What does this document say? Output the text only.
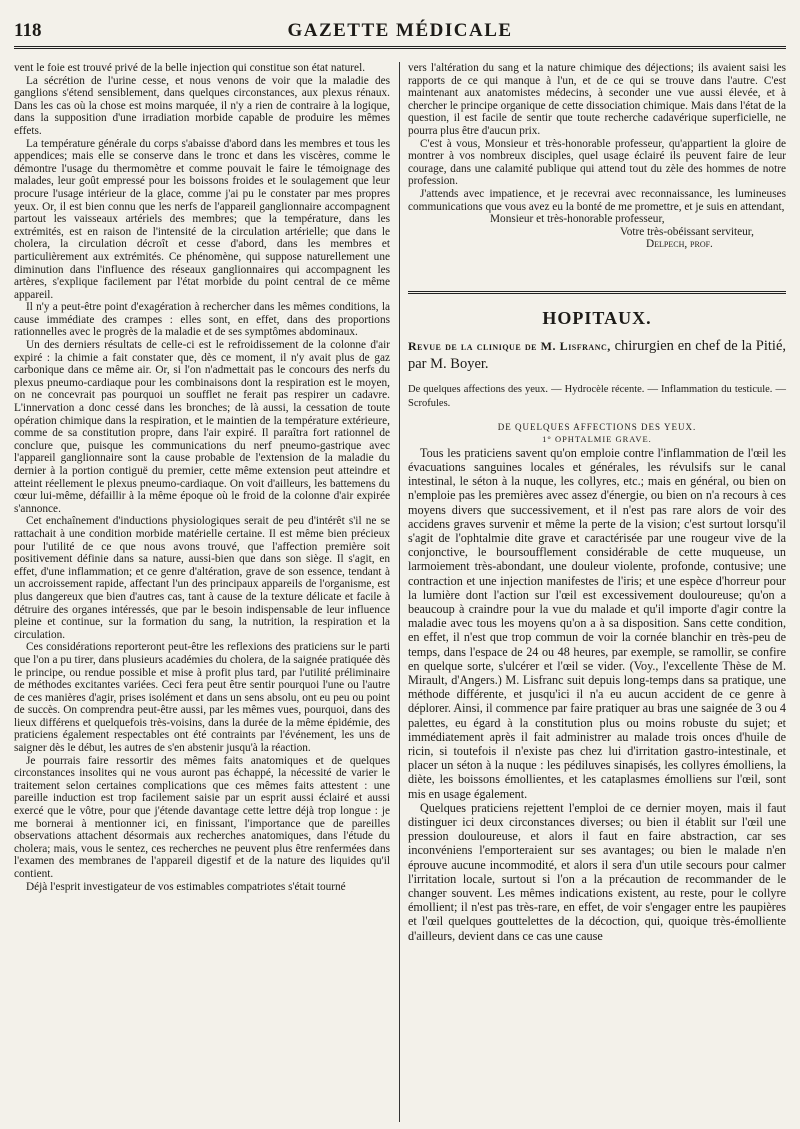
118	GAZETTE MÉDICALE

vent le foie est trouvé privé de la belle injection qui constitue son état naturel.

La sécrétion de l'urine cesse, et nous venons de voir que la maladie des ganglions s'étend sensiblement, dans quelques circonstances, aux plexus rénaux. Dans les cas où la chose est moins marquée, il n'y a rien de contraire à la logique, dans la supposition d'une irradiation morbide capable de produire les mêmes effets.

La température générale du corps s'abaisse d'abord dans les membres et tous les appendices; mais elle se conserve dans le tronc et dans les viscères, comme le démontre l'usage du thermomètre et comme pouvait le faire le témoignage des malades, leur goût empressé pour les boissons froides et le soulagement que leur procure l'usage intérieur de la glace, comme j'ai pu le constater par mes propres yeux. Or, il est bien connu que les nerfs de l'appareil ganglionnaire accompagnent partout les vaisseaux artériels des membres; que la température, dans les extrémités, est en raison de l'intensité de la circulation artérielle; que dans le cholera, la circulation décroît et cesse d'abord, dans les membres et particulièrement aux extrémités. Ce phénomène, qui suppose naturellement une diminution dans l'influence des réseaux ganglionnaires qui accompagnent les artères, s'explique facilement par l'état morbide du point central de ce même appareil.

Il n'y a peut-être point d'exagération à rechercher dans les mêmes conditions, la cause immédiate des crampes : elles sont, en effet, dans des proportions rationnelles avec le progrès de la maladie et de ses symptômes abdominaux.

Un des derniers résultats de celle-ci est le refroidissement de la colonne d'air expiré : la chimie a fait constater que, dès ce moment, il n'y avait plus de gaz carbonique dans ce même air. Or, si l'on n'admettait pas le concours des nerfs du plexus pneumo-cardiaque pour les combinaisons dont la respiration est le moyen, on ne concevrait pas pourquoi un soufflet ne ferait pas respirer un cadavre. L'innervation a donc cessé dans les bronches; de là aussi, la cessation de toute opération chimique dans la respiration, et le maintien de la température extérieure, comme de sa constitution propre, dans l'air expiré. Il paraîtra fort rationnel de conclure que, puisque les communications du nerf pneumo-gastrique avec l'appareil ganglionnaire sont la cause probable de l'extension de la maladie du dernier à la portion contiguë du premier, cette même extension peut atteindre et atteint réellement le plexus pneumo-cardiaque. On voit d'ailleurs, les battemens du cœur lui-même, défaillir à la même époque où le froid de la colonne d'air expirée s'annonce.

Cet enchaînement d'inductions physiologiques serait de peu d'intérêt s'il ne se rattachait à une condition morbide matérielle certaine. Il est même bien précieux pour l'utilité de ce que nous avons trouvé, que l'affection première soit positivement définie dans sa nature, aussi-bien que dans son siège. Il s'agit, en effet, d'une inflammation; et ce genre d'altération, grave de son essence, tendant à un accroissement rapide, affectant l'un des principaux appareils de l'organisme, est plus dangereux que bien d'autres cas, tant à cause de la texture délicate et facile à détruire des organes intéressés, que par le besoin indispensable de leur influence pleine et continue, sur la formation du sang, la nutrition, la respiration et la circulation.

Ces considérations reporteront peut-être les reflexions des praticiens sur le parti que l'on a pu tirer, dans plusieurs académies du cholera, de la saignée pratiquée dès le principe, ou rendue possible et mise à profit plus tard, par l'utilité préliminaire de méthodes excitantes variées. Ceci fera peut être sentir pourquoi l'une ou l'autre de ces manières d'agir, prises isolément et dans un sens absolu, ont eu peu ou point de succès. On comprendra peut-être aussi, par les mêmes vues, pourquoi, dans des lieux différens et quelquefois très-voisins, dans la durée de la même épidémie, des praticiens également respectables ont été contraints par l'événement, les uns de saigner dès le début, les autres de s'en abstenir jusqu'à la réaction.

Je pourrais faire ressortir des mêmes faits anatomiques et de quelques circonstances insolites qui ne vous auront pas échappé, la nécessité de varier le traitement selon certaines complications que ces mêmes faits attestent : une pareille induction est trop facilement saisie par un esprit aussi éclairé et aussi exercé que le vôtre, pour que j'étende davantage cette lettre déjà trop longue : je me bornerai à mentionner ici, en finissant, l'importance que de pareilles observations attachent désormais aux recherches anatomiques, dans l'étude du cholera; mais, vous le sentez, ces recherches ne peuvent plus être renfermées dans l'examen des membranes de l'appareil digestif et de la nature des liquides qu'il contient.

Déjà l'esprit investigateur de vos estimables compatriotes s'était tourné

vers l'altération du sang et la nature chimique des déjections; ils avaient saisi les rapports de ce qui manque à l'un, et de ce qui se trouve dans l'autre. C'est maintenant aux anatomistes médecins, à seconder une vue aussi élevée, et à chercher le principe organique de cette dissociation chimique. Mais dans l'état de la question, il est facile de sentir que toute recherche cadavérique superficielle, ne pourra plus être d'aucun prix.

C'est à vous, Monsieur et très-honorable professeur, qu'appartient la gloire de montrer à vos nombreux disciples, quel usage éclairé ils peuvent faire de leur courage, dans une calamité publique qui attend tout du zèle des hommes de notre profession.

J'attends avec impatience, et je recevrai avec reconnaissance, les lumineuses communications que vous avez eu la bonté de me promettre, et je suis en attendant,

Monsieur et très-honorable professeur,

Votre très-obéissant serviteur,

Delpech, prof.

HOPITAUX.

Revue de la clinique de M. Lisfranc, chirurgien en chef de la Pitié, par M. Boyer.

De quelques affections des yeux. — Hydrocèle récente. — Inflammation du testicule. — Scrofules.

DE QUELQUES AFFECTIONS DES YEUX.

1° OPHTALMIE GRAVE.

Tous les praticiens savent qu'on emploie contre l'inflammation de l'œil les évacuations sanguines locales et générales, les révulsifs sur le canal intestinal, le séton à la nuque, les collyres, etc.; mais en général, ou bien on n'emploie pas les premières avec assez d'énergie, ou bien on n'a recours à ces moyens divers que successivement, et il n'est pas rare alors de voir des accidens graves survenir et même la perte de la vision; c'est surtout lorsqu'il s'agit de l'ophtalmie dite grave et caractérisée par une rougeur vive de la conjonctive, le boursoufflement considérable de cette muqueuse, un larmoiement très-abondant, une douleur violente, profonde, contusive; une contraction et une injection manifestes de l'iris; et une espèce d'horreur pour la lumière dont l'action sur l'œil est excessivement douloureuse; qu'on a beaucoup à craindre pour la vue du malade et qu'il importe d'agir contre la maladie avec tous les moyens qu'on a à sa disposition. Sans cette condition, en effet, il n'est que trop commun de voir la cornée blanchir en très-peu de temps, dans l'espace de 24 ou 48 heures, par exemple, se ramollir, se confire en quelque sorte, s'ulcérer et l'œil se vider. (Voy., l'excellente Thèse de M. Mirault, d'Angers.) M. Lisfranc suit depuis long-temps dans sa pratique, une méthode différente, et jusqu'ici il n'a eu aucun accident de ce genre à déplorer. Ainsi, il commence par faire pratiquer au bras une saignée de 3 ou 4 palettes, eu égard à la constitution plus ou moins robuste du sujet; et immédiatement après il fait administrer au malade trois onces d'huile de ricin, si toutefois il n'existe pas chez lui d'irritation gastro-intestinale, et placer un séton à la nuque : les pédiluves sinapisés, les collyres émolliens, la diète, les boissons émollientes, et les cataplasmes émolliens sur l'œil, sont mis en usage également.

Quelques praticiens rejettent l'emploi de ce dernier moyen, mais il faut distinguer ici deux circonstances diverses; ou bien il établit sur l'œil une pression douloureuse, et alors il faut en faire abstraction, car ses inconvéniens l'emporteraient sur ses avantages; ou bien le malade n'en éprouve aucune incommodité, et alors il sera d'un utile secours pour calmer l'irritation locale, surtout si l'on a la précaution de recommander de le changer souvent. Les mêmes indications existent, au reste, pour le collyre émollient; il n'est pas très-rare, en effet, de voir s'engager entre les paupières et l'œil quelques gouttelettes de la décoction, qui, quoique très-émolliente d'ailleurs, devient dans ce cas une cause
